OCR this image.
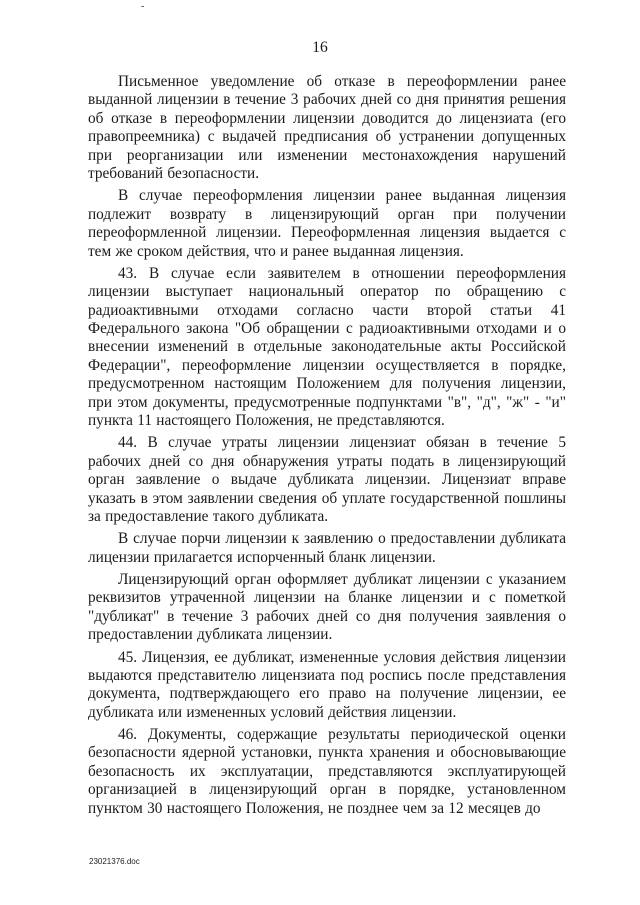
-
16

Письменное уведомление об отказе в переоформлении ранее выданной лицензии в течение 3 рабочих дней со дня принятия решения об отказе в переоформлении лицензии доводится до лицензиата (его правопреемника) с выдачей предписания об устранении допущенных при реорганизации или изменении местонахождения нарушений требований безопасности.

В случае переоформления лицензии ранее выданная лицензия подлежит возврату в лицензирующий орган при получении переоформленной лицензии. Переоформленная лицензия выдается с тем же сроком действия, что и ранее выданная лицензия.

43. В случае если заявителем в отношении переоформления лицензии выступает национальный оператор по обращению с радиоактивными отходами согласно части второй статьи 41 Федерального закона "Об обращении с радиоактивными отходами и о внесении изменений в отдельные законодательные акты Российской Федерации", переоформление лицензии осуществляется в порядке, предусмотренном настоящим Положением для получения лицензии, при этом документы, предусмотренные подпунктами "в", "д", "ж" - "и" пункта 11 настоящего Положения, не представляются.

44. В случае утраты лицензии лицензиат обязан в течение 5 рабочих дней со дня обнаружения утраты подать в лицензирующий орган заявление о выдаче дубликата лицензии. Лицензиат вправе указать в этом заявлении сведения об уплате государственной пошлины за предоставление такого дубликата.

В случае порчи лицензии к заявлению о предоставлении дубликата лицензии прилагается испорченный бланк лицензии.

Лицензирующий орган оформляет дубликат лицензии с указанием реквизитов утраченной лицензии на бланке лицензии и с пометкой "дубликат" в течение 3 рабочих дней со дня получения заявления о предоставлении дубликата лицензии.

45. Лицензия, ее дубликат, измененные условия действия лицензии выдаются представителю лицензиата под роспись после представления документа, подтверждающего его право на получение лицензии, ее дубликата или измененных условий действия лицензии.

46. Документы, содержащие результаты периодической оценки безопасности ядерной установки, пункта хранения и обосновывающие безопасность их эксплуатации, представляются эксплуатирующей организацией в лицензирующий орган в порядке, установленном пунктом 30 настоящего Положения, не позднее чем за 12 месяцев до

23021376.doc
